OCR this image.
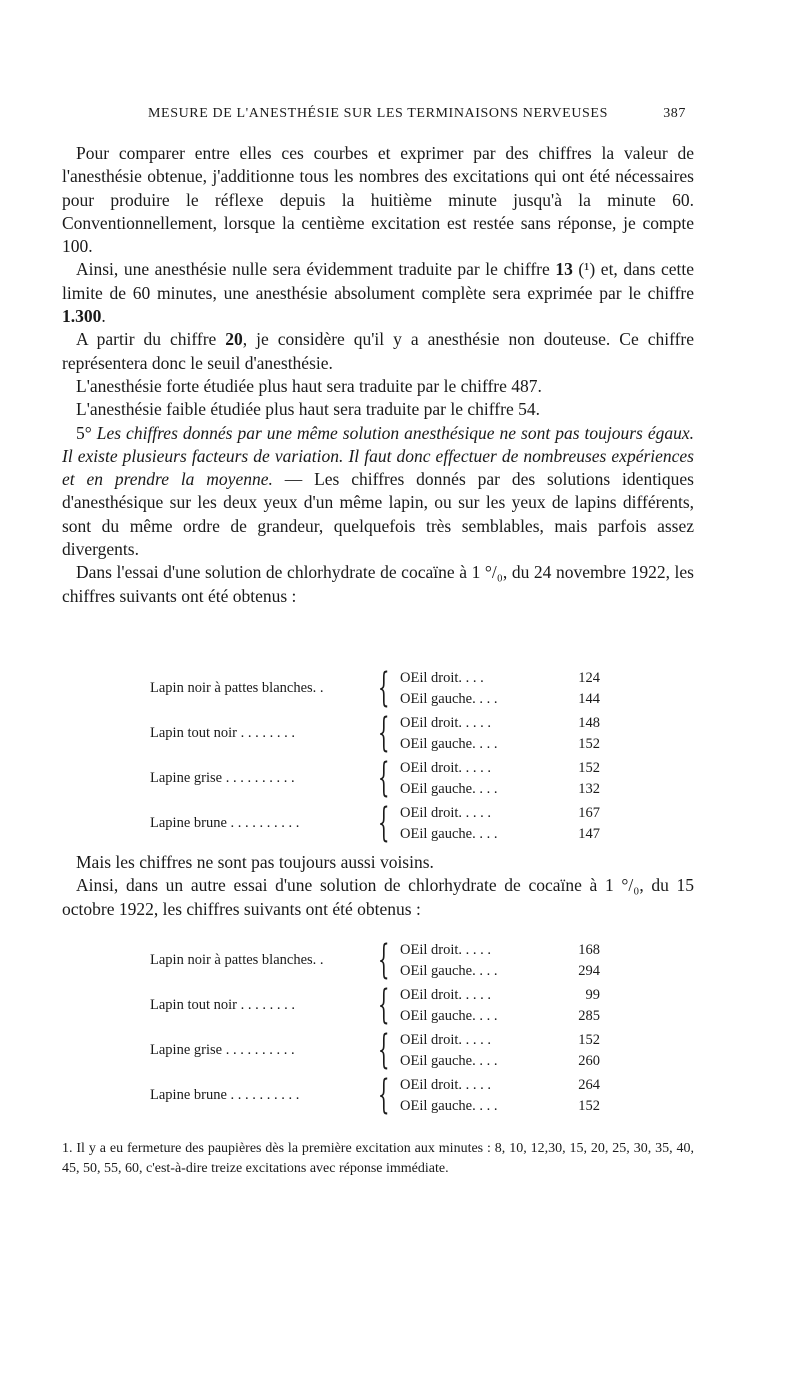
MESURE DE L'ANESTHÉSIE SUR LES TERMINAISONS NERVEUSES	387

Pour comparer entre elles ces courbes et exprimer par des chiffres la valeur de l'anesthésie obtenue, j'additionne tous les nombres des excitations qui ont été nécessaires pour produire le réflexe depuis la huitième minute jusqu'à la minute 60. Conventionnellement, lorsque la centième excitation est restée sans réponse, je compte 100.

Ainsi, une anesthésie nulle sera évidemment traduite par le chiffre 13 (¹) et, dans cette limite de 60 minutes, une anesthésie absolument complète sera exprimée par le chiffre 1.300.

A partir du chiffre 20, je considère qu'il y a anesthésie non douteuse. Ce chiffre représentera donc le seuil d'anesthésie.

L'anesthésie forte étudiée plus haut sera traduite par le chiffre 487.

L'anesthésie faible étudiée plus haut sera traduite par le chiffre 54.

5° Les chiffres donnés par une même solution anesthésique ne sont pas toujours égaux. Il existe plusieurs facteurs de variation. Il faut donc effectuer de nombreuses expériences et en prendre la moyenne. — Les chiffres donnés par des solutions identiques d'anesthésique sur les deux yeux d'un même lapin, ou sur les yeux de lapins différents, sont du même ordre de grandeur, quelquefois très semblables, mais parfois assez divergents.

Dans l'essai d'une solution de chlorhydrate de cocaïne à 1 °/₀, du 24 novembre 1922, les chiffres suivants ont été obtenus :

Lapin noir à pattes blanches. . { OEil droit. . . .	124
OEil gauche. . . .	144
Lapin tout noir . . . . . . . . { OEil droit. . . . .	148
OEil gauche. . . .	152
Lapine grise . . . . . . . . . . { OEil droit. . . . .	152
OEil gauche. . . .	132
Lapine brune . . . . . . . . . . { OEil droit. . . . .	167
OEil gauche. . . .	147

Mais les chiffres ne sont pas toujours aussi voisins.

Ainsi, dans un autre essai d'une solution de chlorhydrate de cocaïne à 1 °/₀, du 15 octobre 1922, les chiffres suivants ont été obtenus :

Lapin noir à pattes blanches. . { OEil droit. . . . .	168
OEil gauche. . . .	294
Lapin tout noir . . . . . . . . { OEil droit. . . . .	99
OEil gauche. . . .	285
Lapine grise . . . . . . . . . . { OEil droit. . . . .	152
OEil gauche. . . .	260
Lapine brune . . . . . . . . . . { OEil droit. . . . .	264
OEil gauche. . . .	152
1. Il y a eu fermeture des paupières dès la première excitation aux minutes : 8, 10, 12,30, 15, 20, 25, 30, 35, 40, 45, 50, 55, 60, c'est-à-dire treize excitations avec réponse immédiate.
